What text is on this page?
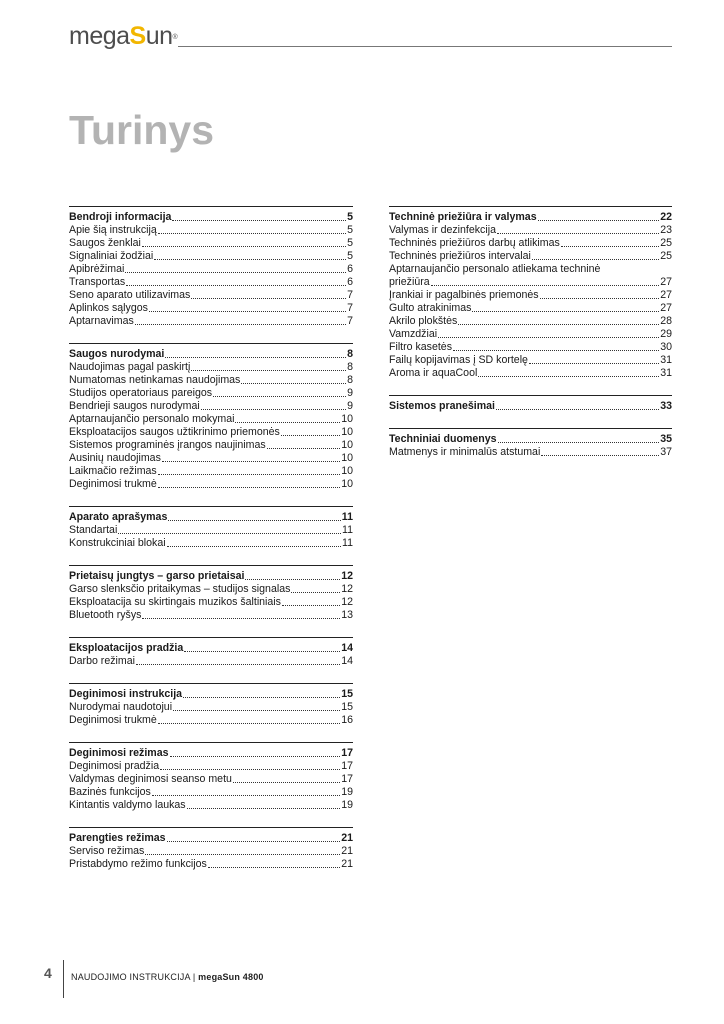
megaSun®
Turinys
Bendroji informacija	5
Apie šią instrukciją	5
Saugos ženklai	5
Signaliniai žodžiai	5
Apibrėžimai	6
Transportas	6
Seno aparato utilizavimas	7
Aplinkos sąlygos	7
Aptarnavimas	7
Saugos nurodymai	8
Naudojimas pagal paskirtį	8
Numatomas netinkamas naudojimas	8
Studijos operatoriaus pareigos	9
Bendrieji saugos nurodymai	9
Aptarnaujančio personalo mokymai	10
Eksploatacijos saugos užtikrinimo priemonės	10
Sistemos programinės įrangos naujinimas	10
Ausinių naudojimas	10
Laikmačio režimas	10
Deginimosi trukmė	10
Aparato aprašymas	11
Standartai	11
Konstrukciniai blokai	11
Prietaisų jungtys – garso prietaisai	12
Garso slenksčio pritaikymas – studijos signalas	12
Eksploatacija su skirtingais muzikos šaltiniais	12
Bluetooth ryšys	13
Eksploatacijos pradžia	14
Darbo režimai	14
Deginimosi instrukcija	15
Nurodymai naudotojui	15
Deginimosi trukmė	16
Deginimosi režimas	17
Deginimosi pradžia	17
Valdymas deginimosi seanso metu	17
Bazinės funkcijos	19
Kintantis valdymo laukas	19
Parengties režimas	21
Serviso režimas	21
Pristabdymo režimo funkcijos	21
Techninė priežiūra ir valymas	22
Valymas ir dezinfekcija	23
Techninės priežiūros darbų atlikimas	25
Techninės priežiūros intervalai	25
Aptarnaujančio personalo atliekama techninė
priežiūra	27
Įrankiai ir pagalbinės priemonės	27
Gulto atrakinimas	27
Akrilo plokštės	28
Vamzdžiai	29
Filtro kasetės	30
Failų kopijavimas į SD kortelę	31
Aroma ir aquaCool	31
Sistemos pranešimai	33
Techniniai duomenys	35
Matmenys ir minimalūs atstumai	37
4 NAUDOJIMO INSTRUKCIJA | megaSun 4800
